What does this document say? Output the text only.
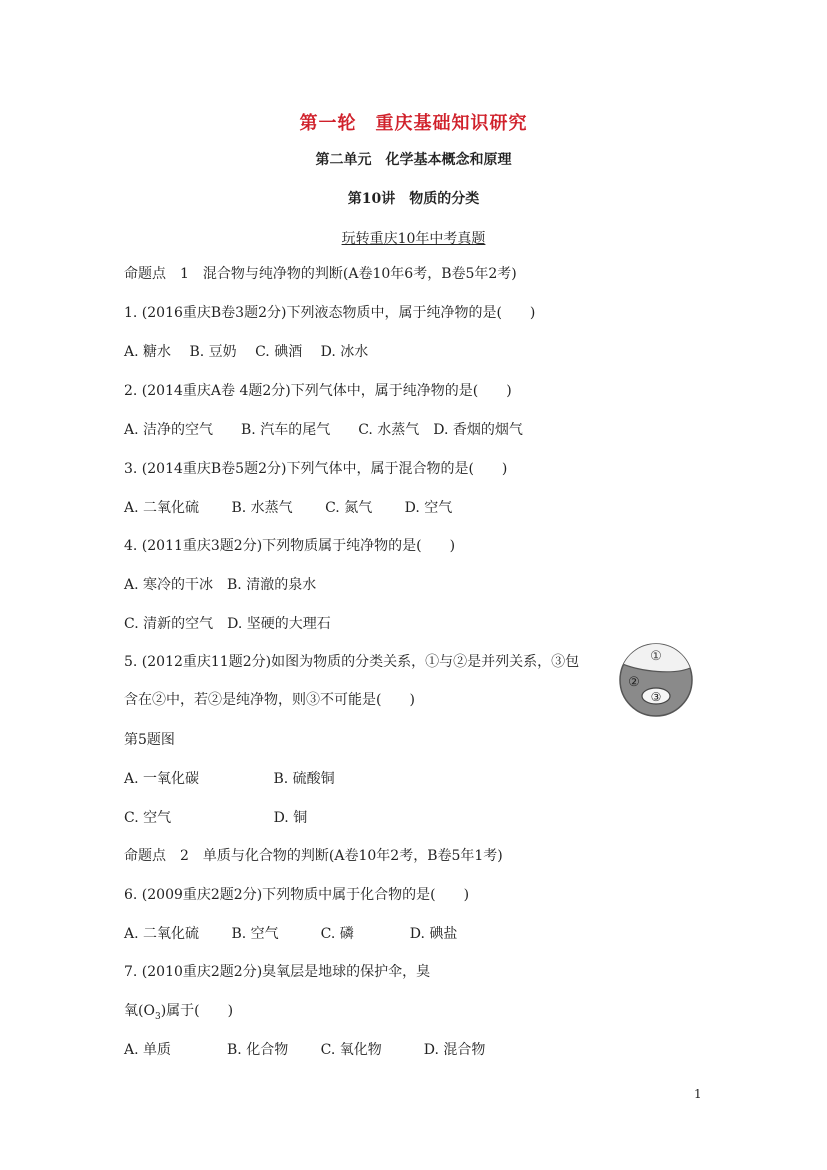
第一轮　重庆基础知识研究
第二单元　化学基本概念和原理
第10讲　物质的分类
玩转重庆10年中考真题
命题点　1　混合物与纯净物的判断(A卷10年6考，B卷5年2考)
1. (2016重庆B卷3题2分)下列液态物质中，属于纯净物的是(　　)
A. 糖水　 B. 豆奶　 C. 碘酒　 D. 冰水
2. (2014重庆A卷 4题2分)下列气体中，属于纯净物的是(　　)
A. 洁净的空气　　B. 汽车的尾气　　C. 水蒸气　D. 香烟的烟气
3. (2014重庆B卷5题2分)下列气体中，属于混合物的是(　　)
A. 二氧化硫　　 B. 水蒸气　　 C. 氮气　　 D. 空气
4. (2011重庆3题2分)下列物质属于纯净物的是(　　)
A. 寒冷的干冰　B. 清澈的泉水
C. 清新的空气　D. 坚硬的大理石
5. (2012重庆11题2分)如图为物质的分类关系，①与②是并列关系，③包
含在②中，若②是纯净物，则③不可能是(　　)
第5题图
A. 一氧化碳　　　　　 B. 硫酸铜
C. 空气　　　　　　　 D. 铜
命题点　2　单质与化合物的判断(A卷10年2考，B卷5年1考)
6. (2009重庆2题2分)下列物质中属于化合物的是(　　)
A. 二氧化硫　　 B. 空气　　　C. 磷　　　　D. 碘盐
7. (2010重庆2题2分)臭氧层是地球的保护伞，臭
氧$(O_3)$属于(　　)
A. 单质　　　　B. 化合物　　 C. 氧化物　　　D. 混合物
①
②
③
1
